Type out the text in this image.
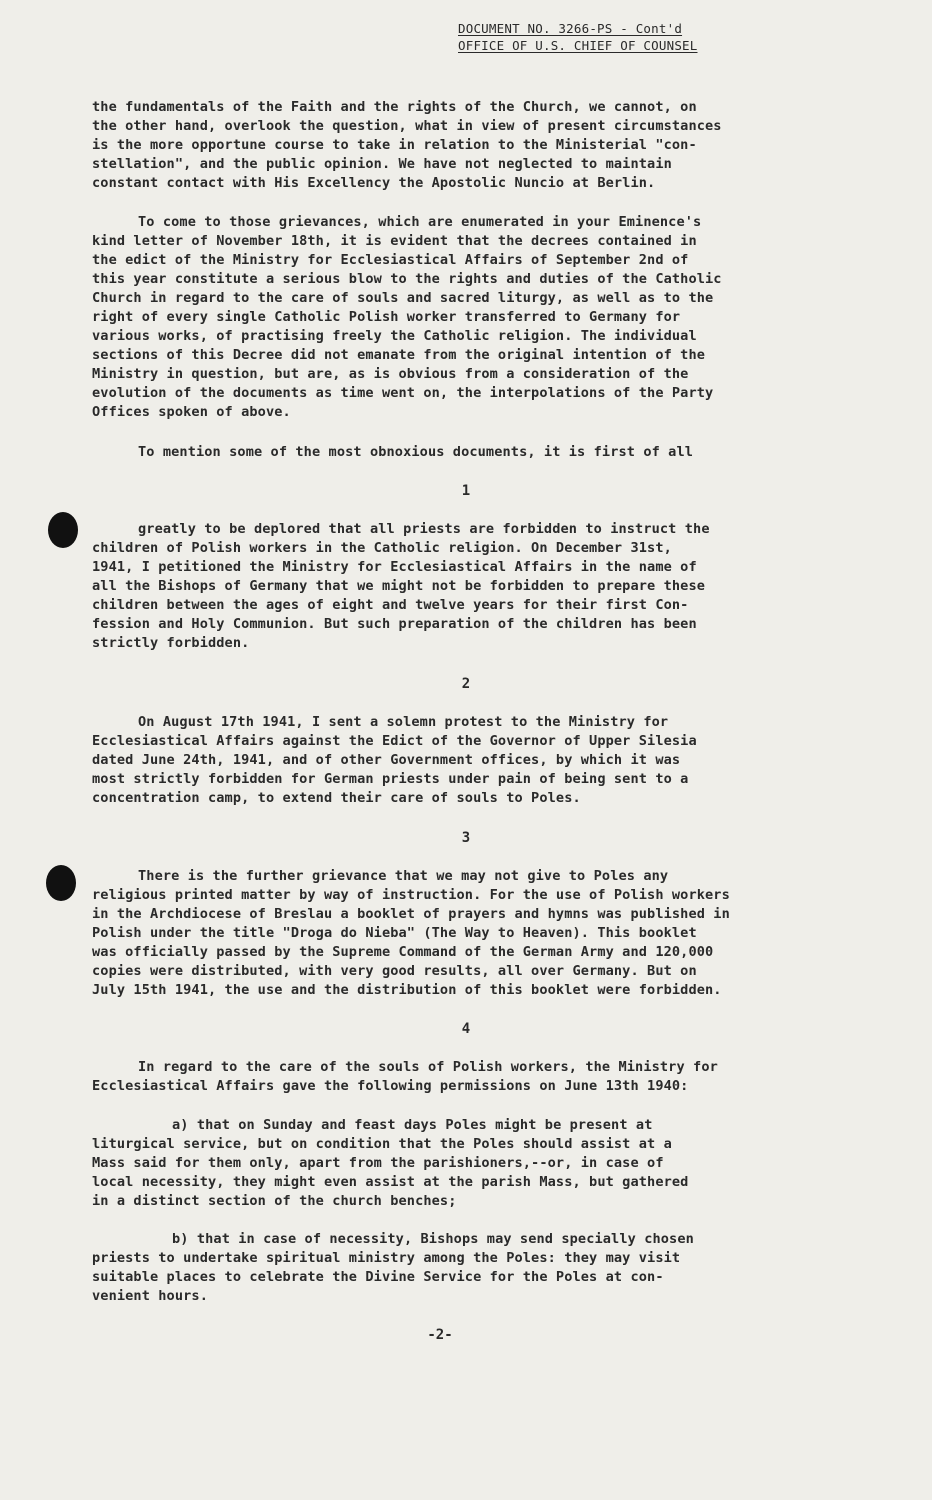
DOCUMENT NO. 3266-PS - Cont'd
OFFICE OF U.S. CHIEF OF COUNSEL
the fundamentals of the Faith and the rights of the Church, we cannot, on
the other hand, overlook the question, what in view of present circumstances
is the more opportune course to take in relation to the Ministerial "con-
stellation", and the public opinion. We have not neglected to maintain
constant contact with His Excellency the Apostolic Nuncio at Berlin.
To come to those grievances, which are enumerated in your Eminence's
kind letter of November 18th, it is evident that the decrees contained in
the edict of the Ministry for Ecclesiastical Affairs of September 2nd of
this year constitute a serious blow to the rights and duties of the Catholic
Church in regard to the care of souls and sacred liturgy, as well as to the
right of every single Catholic Polish worker transferred to Germany for
various works, of practising freely the Catholic religion. The individual
sections of this Decree did not emanate from the original intention of the
Ministry in question, but are, as is obvious from a consideration of the
evolution of the documents as time went on, the interpolations of the Party
Offices spoken of above.
To mention some of the most obnoxious documents, it is first of all
1
greatly to be deplored that all priests are forbidden to instruct the
children of Polish workers in the Catholic religion. On December 31st,
1941, I petitioned the Ministry for Ecclesiastical Affairs in the name of
all the Bishops of Germany that we might not be forbidden to prepare these
children between the ages of eight and twelve years for their first Con-
fession and Holy Communion. But such preparation of the children has been
strictly forbidden.
2
On August 17th 1941, I sent a solemn protest to the Ministry for
Ecclesiastical Affairs against the Edict of the Governor of Upper Silesia
dated June 24th, 1941, and of other Government offices, by which it was
most strictly forbidden for German priests under pain of being sent to a
concentration camp, to extend their care of souls to Poles.
3
There is the further grievance that we may not give to Poles any
religious printed matter by way of instruction. For the use of Polish workers
in the Archdiocese of Breslau a booklet of prayers and hymns was published in
Polish under the title "Droga do Nieba" (The Way to Heaven). This booklet
was officially passed by the Supreme Command of the German Army and 120,000
copies were distributed, with very good results, all over Germany. But on
July 15th 1941, the use and the distribution of this booklet were forbidden.
4
In regard to the care of the souls of Polish workers, the Ministry for
Ecclesiastical Affairs gave the following permissions on June 13th 1940:
a) that on Sunday and feast days Poles might be present at
liturgical service, but on condition that the Poles should assist at a
Mass said for them only, apart from the parishioners,--or, in case of
local necessity, they might even assist at the parish Mass, but gathered
in a distinct section of the church benches;
b) that in case of necessity, Bishops may send specially chosen
priests to undertake spiritual ministry among the Poles: they may visit
suitable places to celebrate the Divine Service for the Poles at con-
venient hours.
-2-
